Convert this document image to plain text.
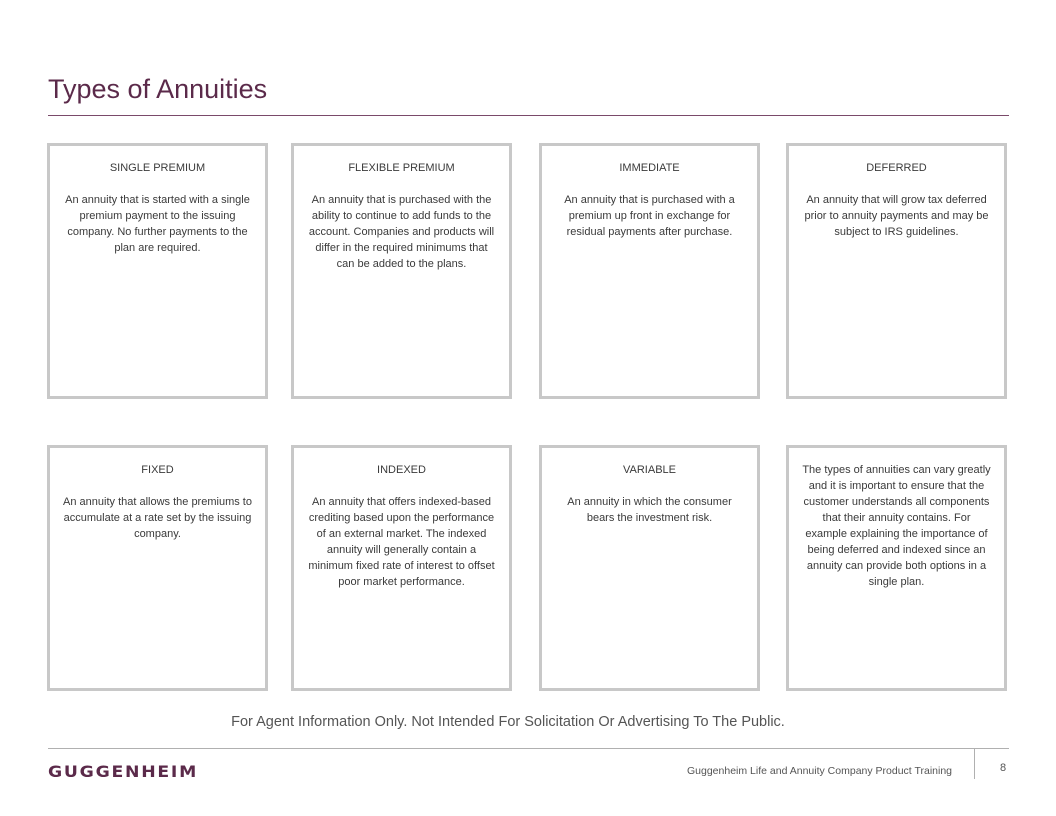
Types of Annuities
SINGLE PREMIUM
An annuity that is started with a single premium payment to the issuing company. No further payments to the plan are required.
FLEXIBLE PREMIUM
An annuity that is purchased with the ability to continue to add funds to the account. Companies and products will differ in the required minimums that can be added to the plans.
IMMEDIATE
An annuity that is purchased with a premium up front in exchange for residual payments after purchase.
DEFERRED
An annuity that will grow tax deferred prior to annuity payments and may be subject to IRS guidelines.
FIXED
An annuity that allows the premiums to accumulate at a rate set by the issuing company.
INDEXED
An annuity that offers indexed-based crediting based upon the performance of an external market. The indexed annuity will generally contain a minimum fixed rate of interest to offset poor market performance.
VARIABLE
An annuity in which the consumer bears the investment risk.
The types of annuities can vary greatly and it is important to ensure that the customer understands all components that their annuity contains. For example explaining the importance of being deferred and indexed since an annuity can provide both options in a single plan.
For Agent Information Only. Not Intended For Solicitation Or Advertising To The Public.
GUGGENHEIM	Guggenheim Life and Annuity Company Product Training	8
